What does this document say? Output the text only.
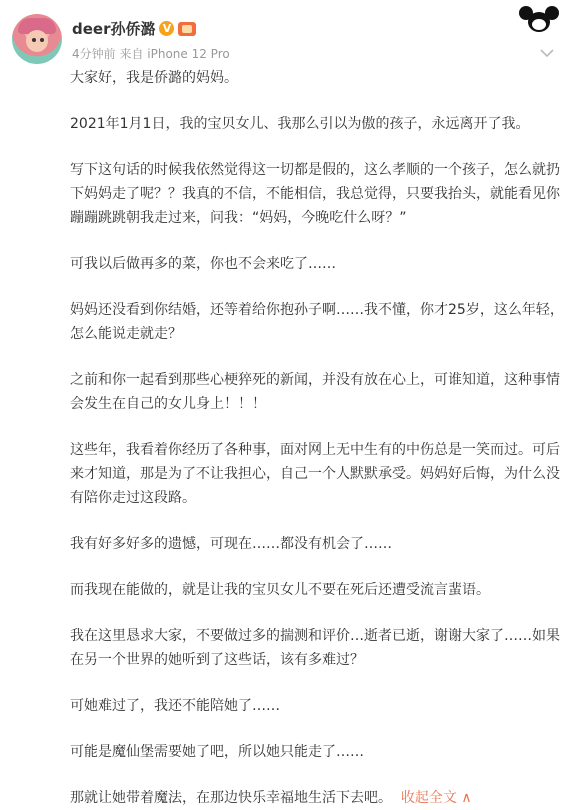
deer孙侨潞 V
4分钟前 来自 iPhone 12 Pro

大家好，我是侨潞的妈妈。

2021年1月1日，我的宝贝女儿、我那么引以为傲的孩子，永远离开了我。

写下这句话的时候我依然觉得这一切都是假的，这么孝顺的一个孩子，怎么就扔下妈妈走了呢？？我真的不信，不能相信，我总觉得，只要我抬头，就能看见你蹦蹦跳跳朝我走过来，问我：“妈妈，今晚吃什么呀？”

可我以后做再多的菜，你也不会来吃了……

妈妈还没看到你结婚，还等着给你抱孙子啊……我不懂，你才25岁，这么年轻，怎么能说走就走？

之前和你一起看到那些心梗猝死的新闻，并没有放在心上，可谁知道，这种事情会发生在自己的女儿身上！！！

这些年，我看着你经历了各种事，面对网上无中生有的中伤总是一笑而过。可后来才知道，那是为了不让我担心，自己一个人默默承受。妈妈好后悔，为什么没有陪你走过这段路。

我有好多好多的遗憾，可现在……都没有机会了……

而我现在能做的，就是让我的宝贝女儿不要在死后还遭受流言蜚语。

我在这里恳求大家，不要做过多的揣测和评价…逝者已逝，谢谢大家了……如果在另一个世界的她听到了这些话，该有多难过？

可她难过了，我还不能陪她了……

可能是魔仙堡需要她了吧，所以她只能走了……

那就让她带着魔法，在那边快乐幸福地生活下去吧。 收起全文 ∧
